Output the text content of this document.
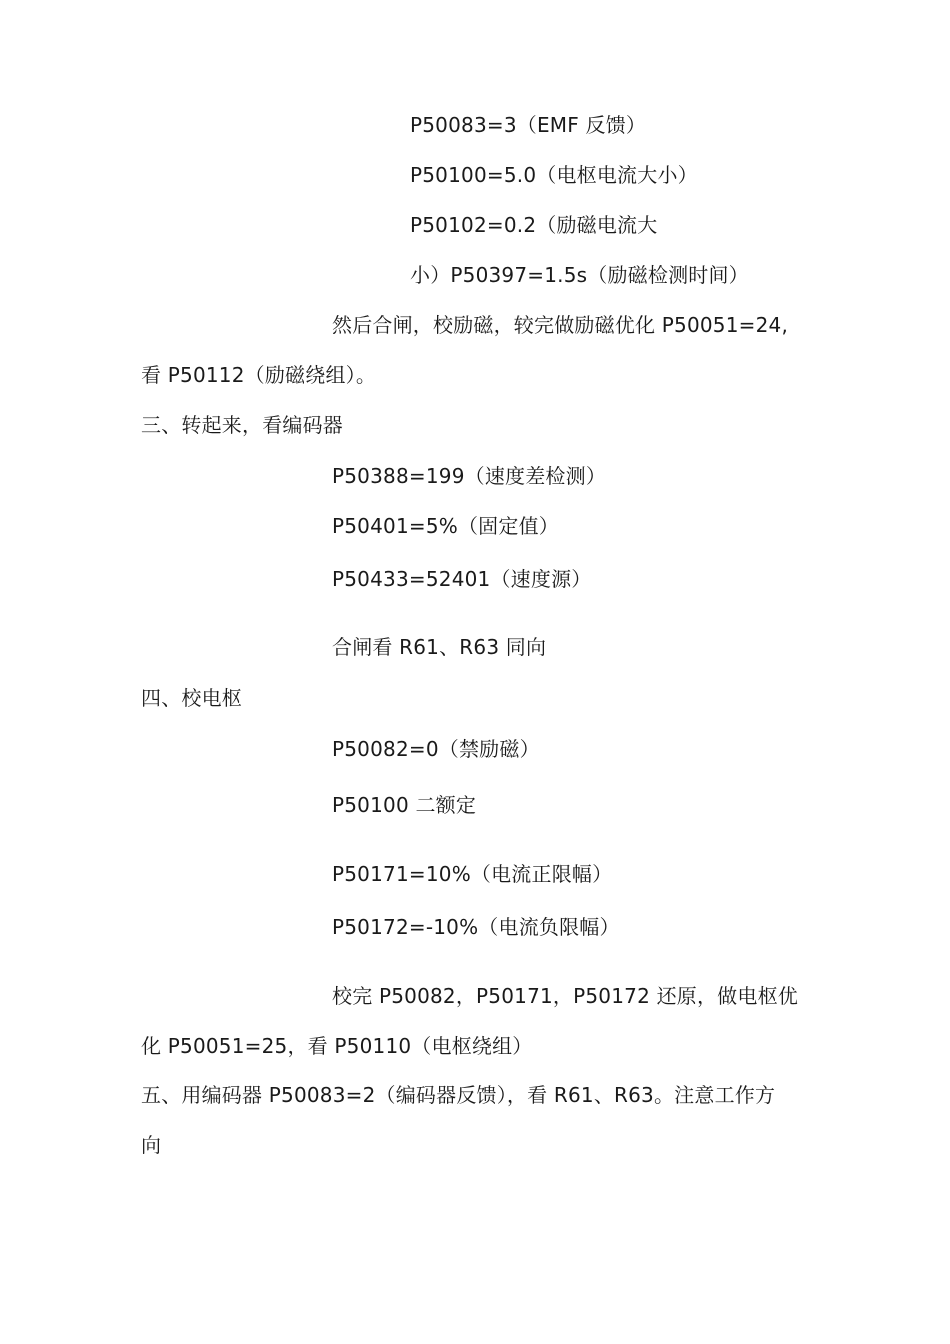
P50083=3（EMF 反馈）
P50100=5.0（电枢电流大小）
P50102=0.2（励磁电流大
小）P50397=1.5s（励磁检测时间）
然后合闸，校励磁，较完做励磁优化 P50051=24,
看 P50112（励磁绕组）。
三、转起来，看编码器
P50388=199（速度差检测）
P50401=5%（固定值）
P50433=52401（速度源）
合闸看 R61、R63 同向
四、校电枢
P50082=0（禁励磁）
P50100 二额定
P50171=10%（电流正限幅）
P50172=-10%（电流负限幅）
校完 P50082，P50171，P50172 还原，做电枢优
化 P50051=25，看 P50110（电枢绕组）
五、用编码器 P50083=2（编码器反馈），看 R61、R63。注意工作方
向
